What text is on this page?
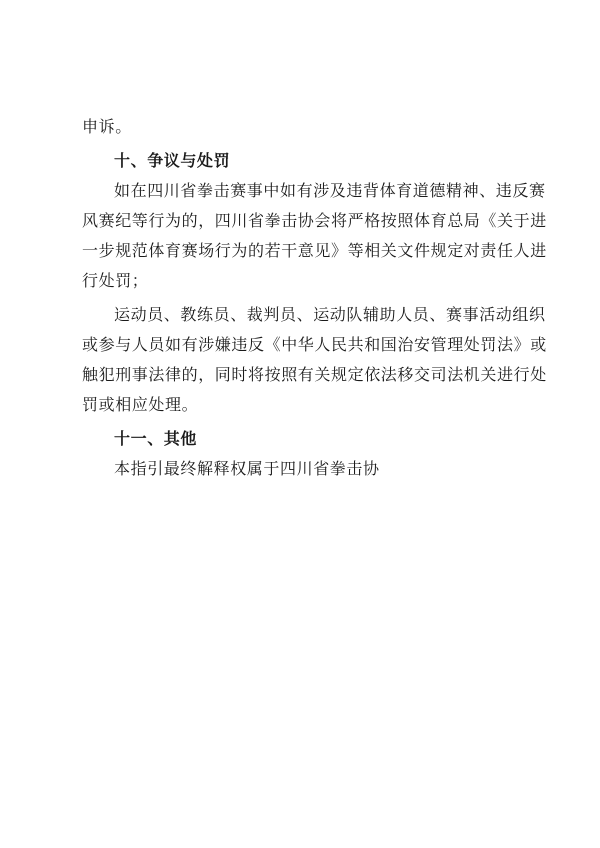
申诉。
十、争议与处罚
如在四川省拳击赛事中如有涉及违背体育道德精神、违反赛
风赛纪等行为的，四川省拳击协会将严格按照体育总局《关于进
一步规范体育赛场行为的若干意见》等相关文件规定对责任人进
行处罚；
运动员、教练员、裁判员、运动队辅助人员、赛事活动组织
或参与人员如有涉嫌违反《中华人民共和国治安管理处罚法》或
触犯刑事法律的，同时将按照有关规定依法移交司法机关进行处
罚或相应处理。
十一、其他
本指引最终解释权属于四川省拳击协
